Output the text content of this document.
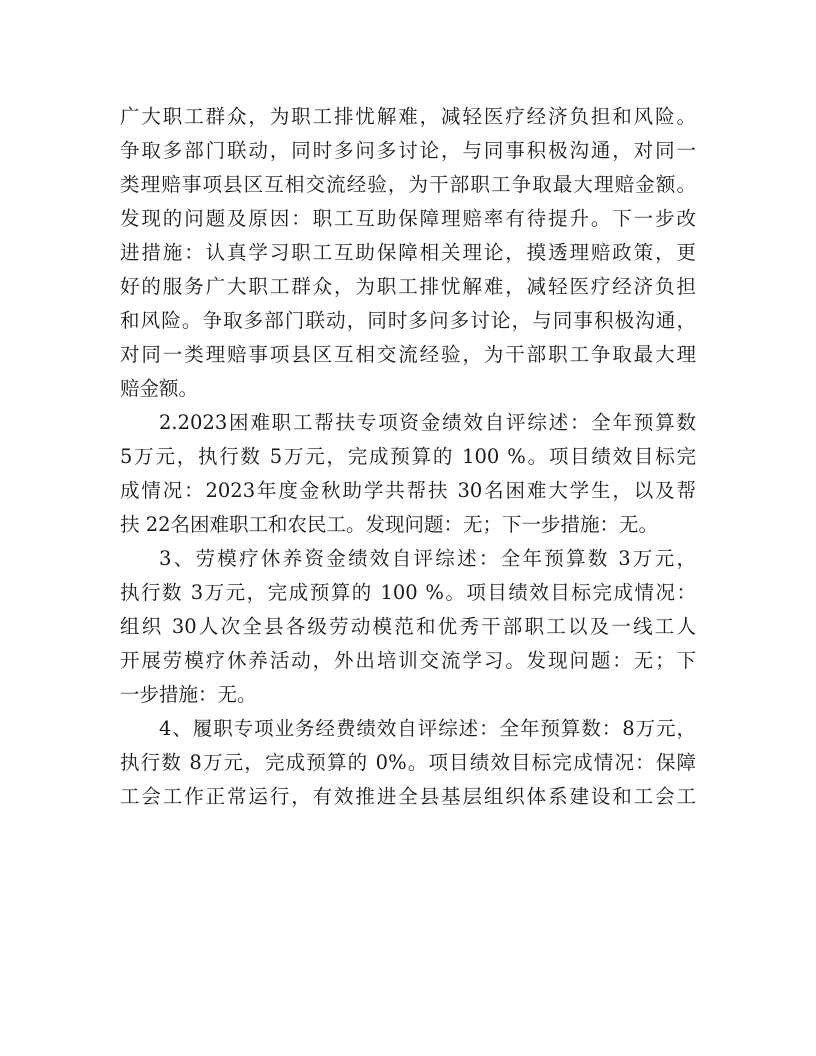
广大职工群众，为职工排忧解难，减轻医疗经济负担和风险。
争取多部门联动，同时多问多讨论，与同事积极沟通，对同一
类理赔事项县区互相交流经验，为干部职工争取最大理赔金额。
发现的问题及原因：职工互助保障理赔率有待提升。下一步改
进措施：认真学习职工互助保障相关理论，摸透理赔政策，更
好的服务广大职工群众，为职工排忧解难，减轻医疗经济负担
和风险。争取多部门联动，同时多问多讨论，与同事积极沟通，
对同一类理赔事项县区互相交流经验，为干部职工争取最大理
赔金额。
2.2023困难职工帮扶专项资金绩效自评综述：全年预算数
5万元，执行数 5万元，完成预算的 100 %。项目绩效目标完
成情况：2023年度金秋助学共帮扶 30名困难大学生，以及帮
扶 22名困难职工和农民工。发现问题：无；下一步措施：无。
3、劳模疗休养资金绩效自评综述：全年预算数 3万元，
执行数 3万元，完成预算的 100 %。项目绩效目标完成情况：
组织 30人次全县各级劳动模范和优秀干部职工以及一线工人
开展劳模疗休养活动，外出培训交流学习。发现问题：无；下
一步措施：无。
4、履职专项业务经费绩效自评综述：全年预算数：8万元，
执行数 8万元，完成预算的 0%。项目绩效目标完成情况：保障
工会工作正常运行，有效推进全县基层组织体系建设和工会工
